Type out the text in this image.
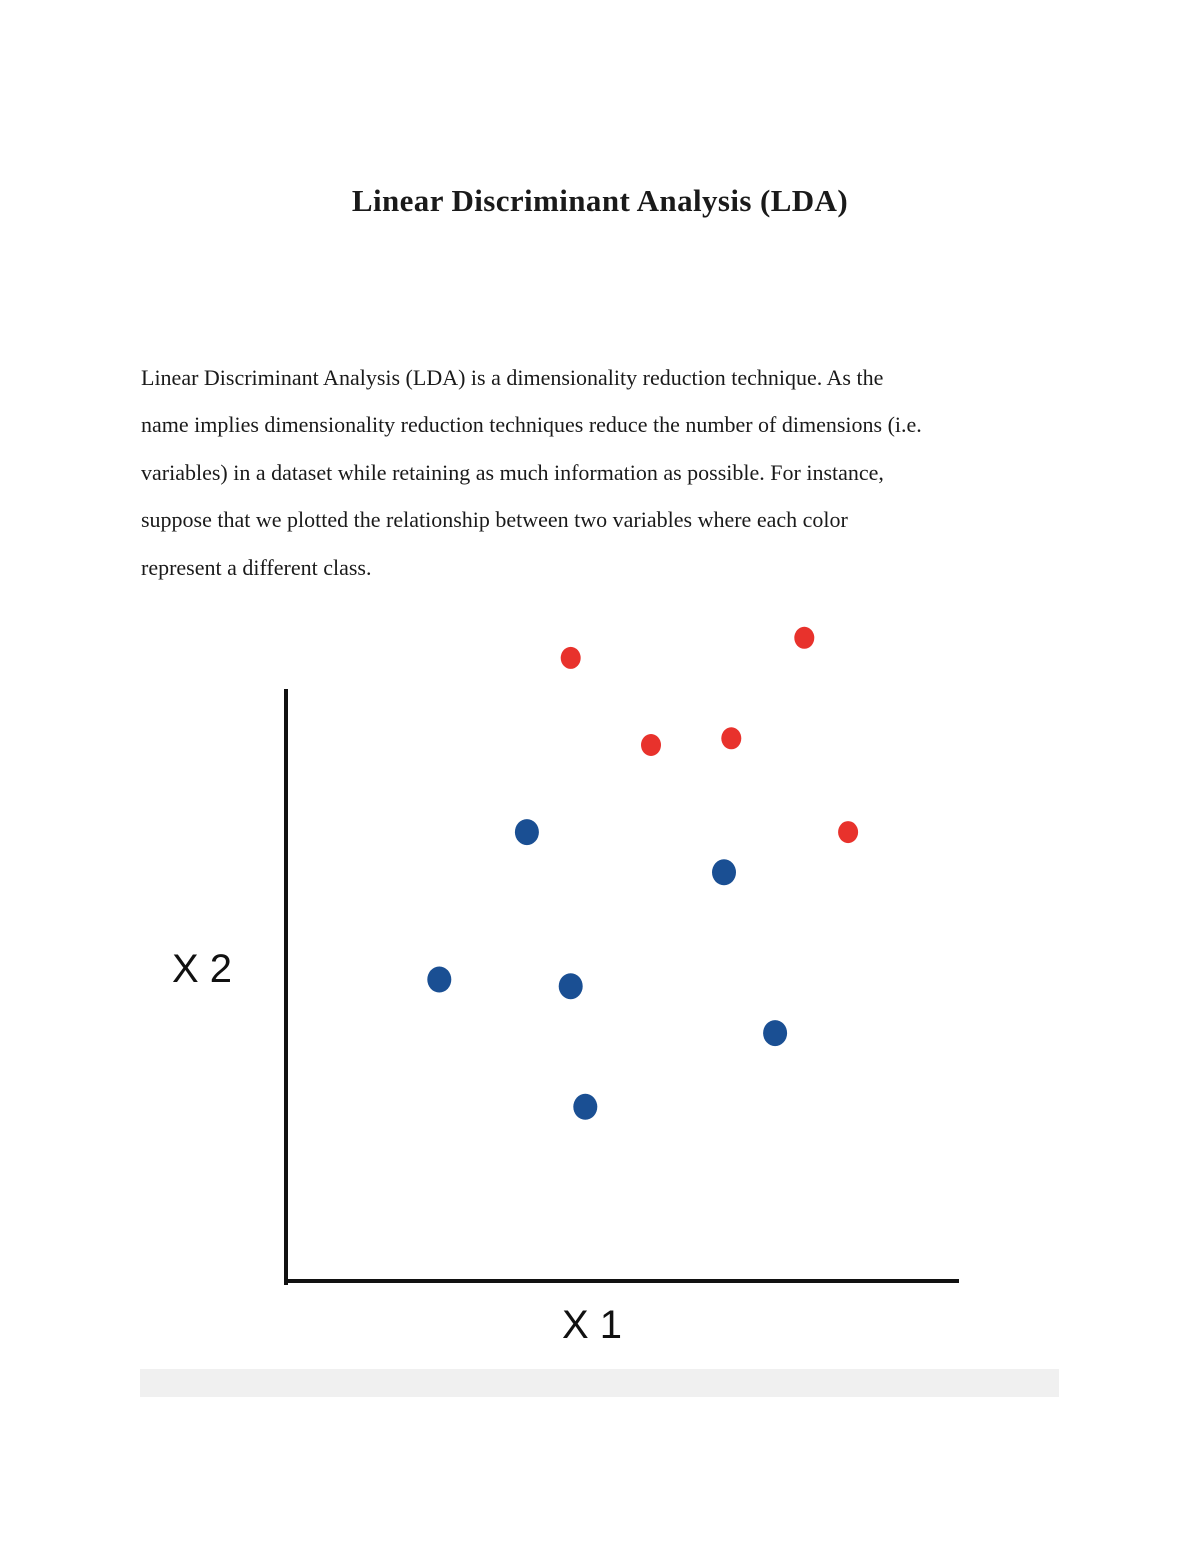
Linear Discriminant Analysis (LDA)

Linear Discriminant Analysis (LDA) is a dimensionality reduction technique. As the
name implies dimensionality reduction techniques reduce the number of dimensions (i.e.
variables) in a dataset while retaining as much information as possible. For instance,
suppose that we plotted the relationship between two variables where each color
represent a different class.

X 2
X 1
